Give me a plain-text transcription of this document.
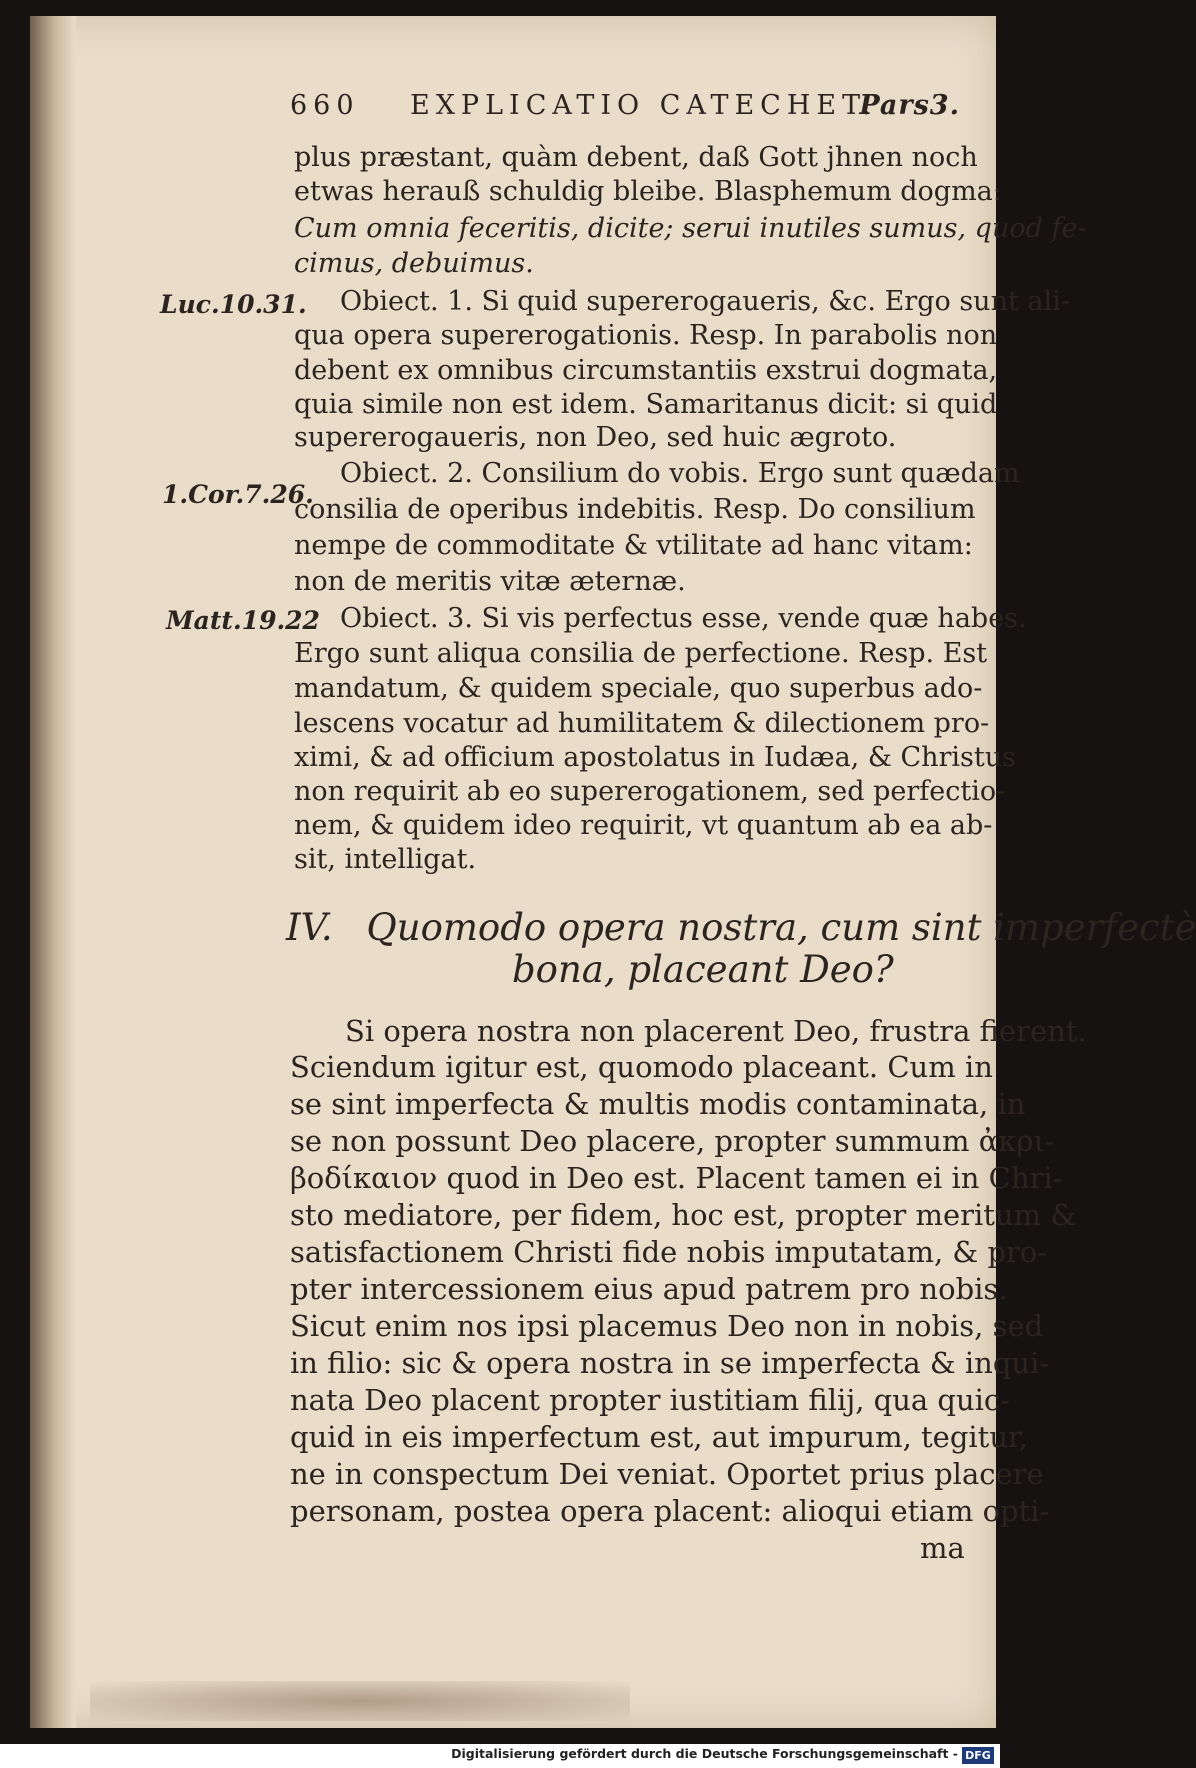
660 EXPLICATIO CATECHET.
Pars3.
Luc.10.31.
1.Cor.7.26.
Matt.19.22
plus præstant, quàm debent, daß Gott jhnen noch
etwas herauß schuldig bleibe. Blasphemum dogma:
Cum omnia feceritis, dicite; serui inutiles sumus, quod fe-
cimus, debuimus.
Obiect. 1. Si quid supererogaueris, &c. Ergo sunt ali-
qua opera supererogationis. Resp. In parabolis non
debent ex omnibus circumstantiis exstrui dogmata,
quia simile non est idem. Samaritanus dicit: si quid
supererogaueris, non Deo, sed huic ægroto.
Obiect. 2. Consilium do vobis. Ergo sunt quædam
consilia de operibus indebitis. Resp. Do consilium
nempe de commoditate & vtilitate ad hanc vitam:
non de meritis vitæ æternæ.
Obiect. 3. Si vis perfectus esse, vende quæ habes.
Ergo sunt aliqua consilia de perfectione. Resp. Est
mandatum, & quidem speciale, quo superbus ado-
lescens vocatur ad humilitatem & dilectionem pro-
ximi, & ad officium apostolatus in Iudæa, & Christus
non requirit ab eo supererogationem, sed perfectio-
nem, & quidem ideo requirit, vt quantum ab ea ab-
sit, intelligat.
IV. Quomodo opera nostra, cum sint imperfectè
bona, placeant Deo?
Si opera nostra non placerent Deo, frustra fierent.
Sciendum igitur est, quomodo placeant. Cum in
se sint imperfecta & multis modis contaminata, in
se non possunt Deo placere, propter summum ἀκρι-
βοδίκαιον quod in Deo est. Placent tamen ei in Chri-
sto mediatore, per fidem, hoc est, propter meritum &
satisfactionem Christi fide nobis imputatam, & pro-
pter intercessionem eius apud patrem pro nobis.
Sicut enim nos ipsi placemus Deo non in nobis, sed
in filio: sic & opera nostra in se imperfecta & inqui-
nata Deo placent propter iustitiam filij, qua quic-
quid in eis imperfectum est, aut impurum, tegitur,
ne in conspectum Dei veniat. Oportet prius placere
personam, postea opera placent: alioqui etiam opti-
ma
Digitalisierung gefördert durch die Deutsche Forschungsgemeinschaft - DFG
